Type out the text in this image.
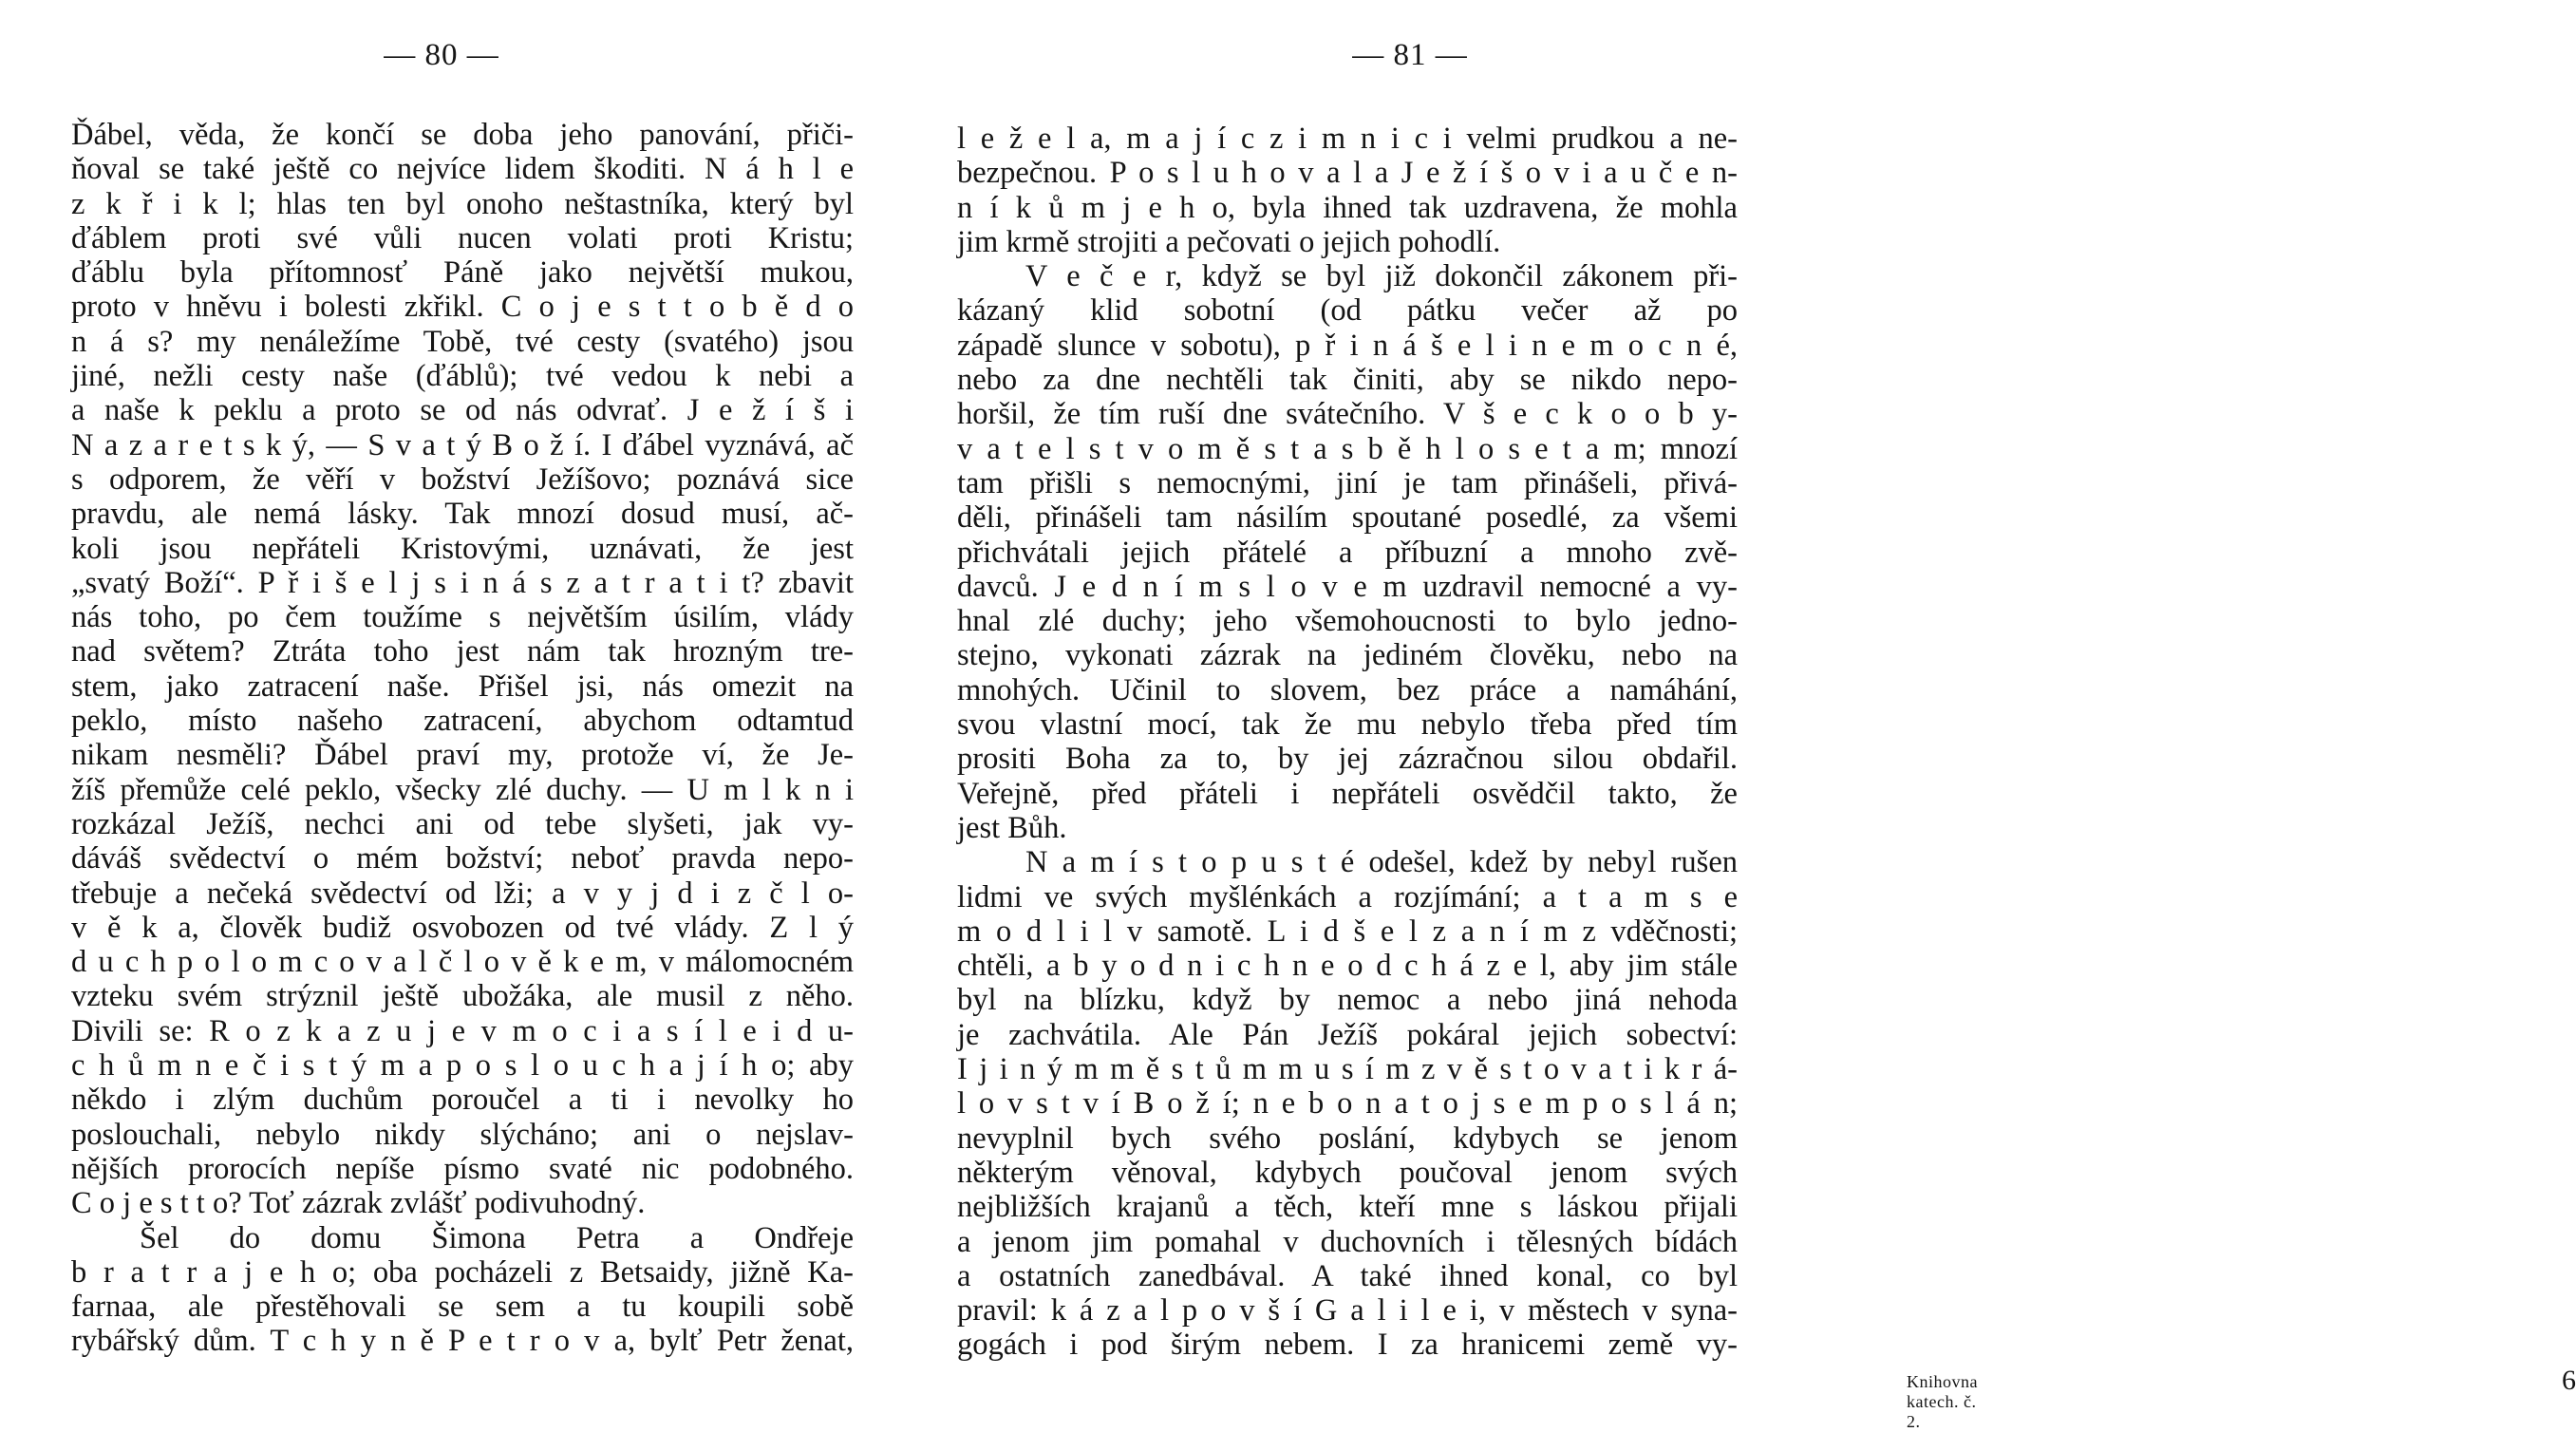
— 80 —
Ďábel, věda, že končí se doba jeho panování, přiči-
ňoval se také ještě co nejvíce lidem škoditi. N á h l e
z k ř i k l; hlas ten byl onoho neštastníka, který byl
ďáblem proti své vůli nucen volati proti Kristu;
ďáblu byla přítomnosť Páně jako největší mukou,
proto v hněvu i bolesti zkřikl. C o j e s t t o b ě d o
n á s? my nenáležíme Tobě, tvé cesty (svatého) jsou
jiné, nežli cesty naše (ďáblů); tvé vedou k nebi a
a naše k peklu a proto se od nás odvrať. J e ž í š i
N a z a r e t s k ý, — S v a t ý B o ž í. I ďábel vyznává, ač
s odporem, že věří v božství Ježíšovo; poznává sice
pravdu, ale nemá lásky. Tak mnozí dosud musí, ač-
koli jsou nepřáteli Kristovými, uznávati, že jest
„svatý Boží“. P ř i š e l j s i n á s z a t r a t i t? zbavit
nás toho, po čem toužíme s největším úsilím, vlády
nad světem? Ztráta toho jest nám tak hrozným tre-
stem, jako zatracení naše. Přišel jsi, nás omezit na
peklo, místo našeho zatracení, abychom odtamtud
nikam nesměli? Ďábel praví my, protože ví, že Je-
žíš přemůže celé peklo, všecky zlé duchy. — U m l k n i
rozkázal Ježíš, nechci ani od tebe slyšeti, jak vy-
dáváš svědectví o mém božství; neboť pravda nepo-
třebuje a nečeká svědectví od lži; a v y j d i z č l o-
v ě k a, člověk budiž osvobozen od tvé vlády. Z l ý
d u c h p o l o m c o v a l č l o v ě k e m, v málomocném
vzteku svém strýznil ještě ubožáka, ale musil z něho.
Divili se: R o z k a z u j e v m o c i a s í l e i d u-
c h ů m n e č i s t ý m a p o s l o u c h a j í h o; aby
někdo i zlým duchům poroučel a ti i nevolky ho
poslouchali, nebylo nikdy slýcháno; ani o nejslav-
nějších prorocích nepíše písmo svaté nic podobného.
C o j e s t t o? Toť zázrak zvlášť podivuhodný.
Šel do domu Šimona Petra a Ondřeje
b r a t r a j e h o; oba pocházeli z Betsaidy, jižně Ka-
farnaa, ale přestěhovali se sem a tu koupili sobě
rybářský dům. T c h y n ě P e t r o v a, bylť Petr ženat,
— 81 —
l e ž e l a, m a j í c z i m n i c i velmi prudkou a ne-
bezpečnou. P o s l u h o v a l a J e ž í š o v i a u č e n-
n í k ů m j e h o, byla ihned tak uzdravena, že mohla
jim krmě strojiti a pečovati o jejich pohodlí.
V e č e r, když se byl již dokončil zákonem při-
kázaný klid sobotní (od pátku večer až po
západě slunce v sobotu), p ř i n á š e l i n e m o c n é,
nebo za dne nechtěli tak činiti, aby se nikdo nepo-
horšil, že tím ruší dne svátečního. V š e c k o o b y-
v a t e l s t v o m ě s t a s b ě h l o s e t a m; mnozí
tam přišli s nemocnými, jiní je tam přinášeli, přivá-
děli, přinášeli tam násilím spoutané posedlé, za všemi
přichvátali jejich přátelé a příbuzní a mnoho zvě-
davců. J e d n í m s l o v e m uzdravil nemocné a vy-
hnal zlé duchy; jeho všemohoucnosti to bylo jedno-
stejno, vykonati zázrak na jediném člověku, nebo na
mnohých. Učinil to slovem, bez práce a namáhání,
svou vlastní mocí, tak že mu nebylo třeba před tím
prositi Boha za to, by jej zázračnou silou obdařil.
Veřejně, před přáteli i nepřáteli osvědčil takto, že
jest Bůh.
N a m í s t o p u s t é odešel, kdež by nebyl rušen
lidmi ve svých myšlénkách a rozjímání; a t a m s e
m o d l i l v samotě. L i d š e l z a n í m z vděčnosti;
chtěli, a b y o d n i c h n e o d c h á z e l, aby jim stále
byl na blízku, když by nemoc a nebo jiná nehoda
je zachvátila. Ale Pán Ježíš pokáral jejich sobectví:
I j i n ý m m ě s t ů m m u s í m z v ě s t o v a t i k r á-
l o v s t v í B o ž í; n e b o n a t o j s e m p o s l á n;
nevyplnil bych svého poslání, kdybych se jenom
některým věnoval, kdybych poučoval jenom svých
nejbližších krajanů a těch, kteří mne s láskou přijali
a jenom jim pomahal v duchovních i tělesných bídách
a ostatních zanedbával. A také ihned konal, co byl
pravil: k á z a l p o v š í G a l i l e i, v městech v syna-
gogách i pod širým nebem. I za hranicemi země vy-
Knihovna katech. č. 2.
6
